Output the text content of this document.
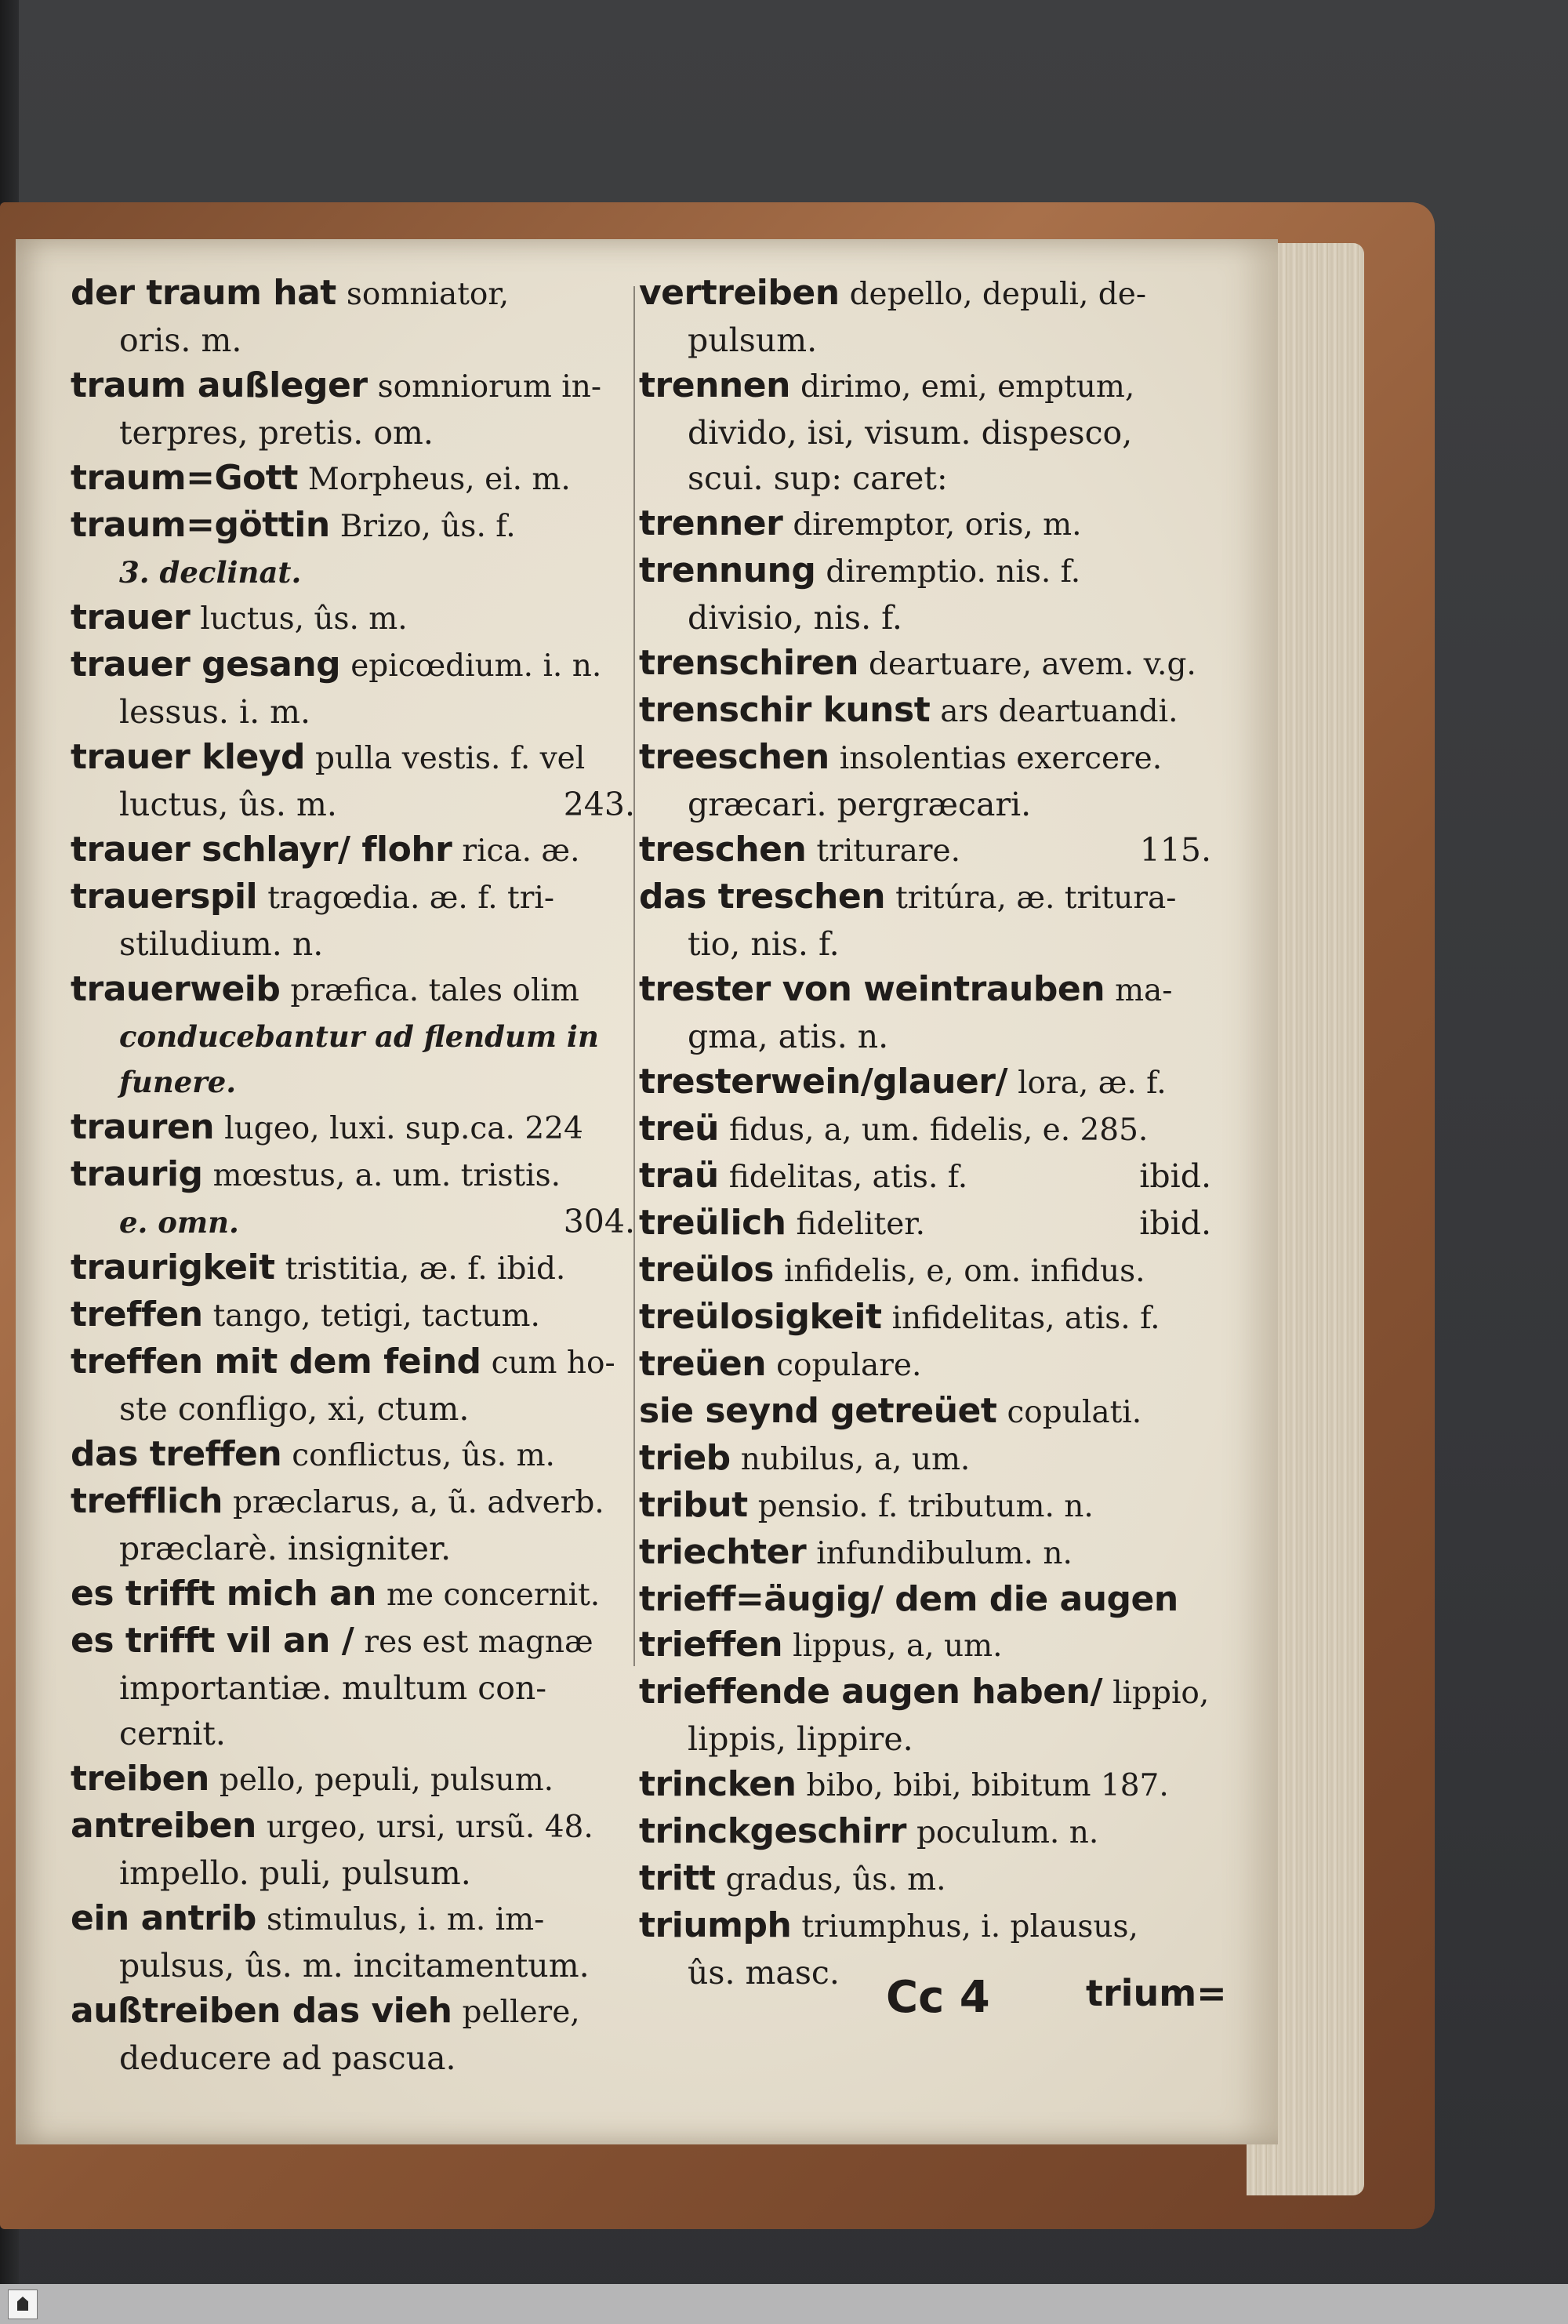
der traum hat somniator,
oris. m.

traum außleger somniorum in-
terpres, pretis. om.

traum=Gott Morpheus, ei. m.

traum=göttin Brizo, ûs. f.
3. declinat.

trauer luctus, ûs. m.

trauer gesang epicœdium. i. n.
lessus. i. m.

trauer kleyd pulla vestis. f. vel
luctus, ûs. m.	243.

trauer schlayr/ flohr rica. æ.

trauerspil tragœdia. æ. f. tri-
stiludium. n.

trauerweib præfica. tales olim
conducebantur ad flendum in funere.

trauren lugeo, luxi. sup.ca. 224

traurig mœstus, a. um. tristis.
e. omn.	304.

traurigkeit tristitia, æ. f. ibid.

treffen tango, tetigi, tactum.

treffen mit dem feind cum ho-
ste confligo, xi, ctum.

das treffen conflictus, ûs. m.

trefflich præclarus, a, ũ. adverb.
præclarè. insigniter.

es trifft mich an me concernit.

es trifft vil an / res est magnæ
importantiæ. multum con-cernit.

treiben pello, pepuli, pulsum.

antreiben urgeo, ursi, ursũ. 48.
impello. puli, pulsum.

ein antrib stimulus, i. m. im-
pulsus, ûs. m. incitamentum.

außtreiben das vieh pellere,
deducere ad pascua.

vertreiben depello, depuli, de-
pulsum.

trennen dirimo, emi, emptum,
divido, isi, visum. dispesco, scui. sup: caret:

trenner diremptor, oris, m.

trennung diremptio. nis. f.
divisio, nis. f.

trenschiren deartuare, avem. v.g.

trenschir kunst ars deartuandi.

treeschen insolentias exercere.
græcari. pergræcari.

treschen triturare.	115.

das treschen tritúra, æ. tritura-
tio, nis. f.

trester von weintrauben ma-
gma, atis. n.

tresterwein/glauer/ lora, æ. f.

treü fidus, a, um. fidelis, e. 285.

traü fidelitas, atis. f.	ibid.

treülich fideliter.	ibid.

treülos infidelis, e, om. infidus.

treülosigkeit infidelitas, atis. f.

treüen copulare.

sie seynd getreüet copulati.

trieb nubilus, a, um.

tribut pensio. f. tributum. n.

triechter infundibulum. n.

trieff=äugig/ dem die augen trieffen lippus, a, um.

trieffende augen haben/ lippio,
lippis, lippire.

trincken bibo, bibi, bibitum 187.

trinckgeschirr poculum. n.

tritt gradus, ûs. m.

triumph triumphus, i. plausus,
ûs. masc.	Cc 4	trium=
